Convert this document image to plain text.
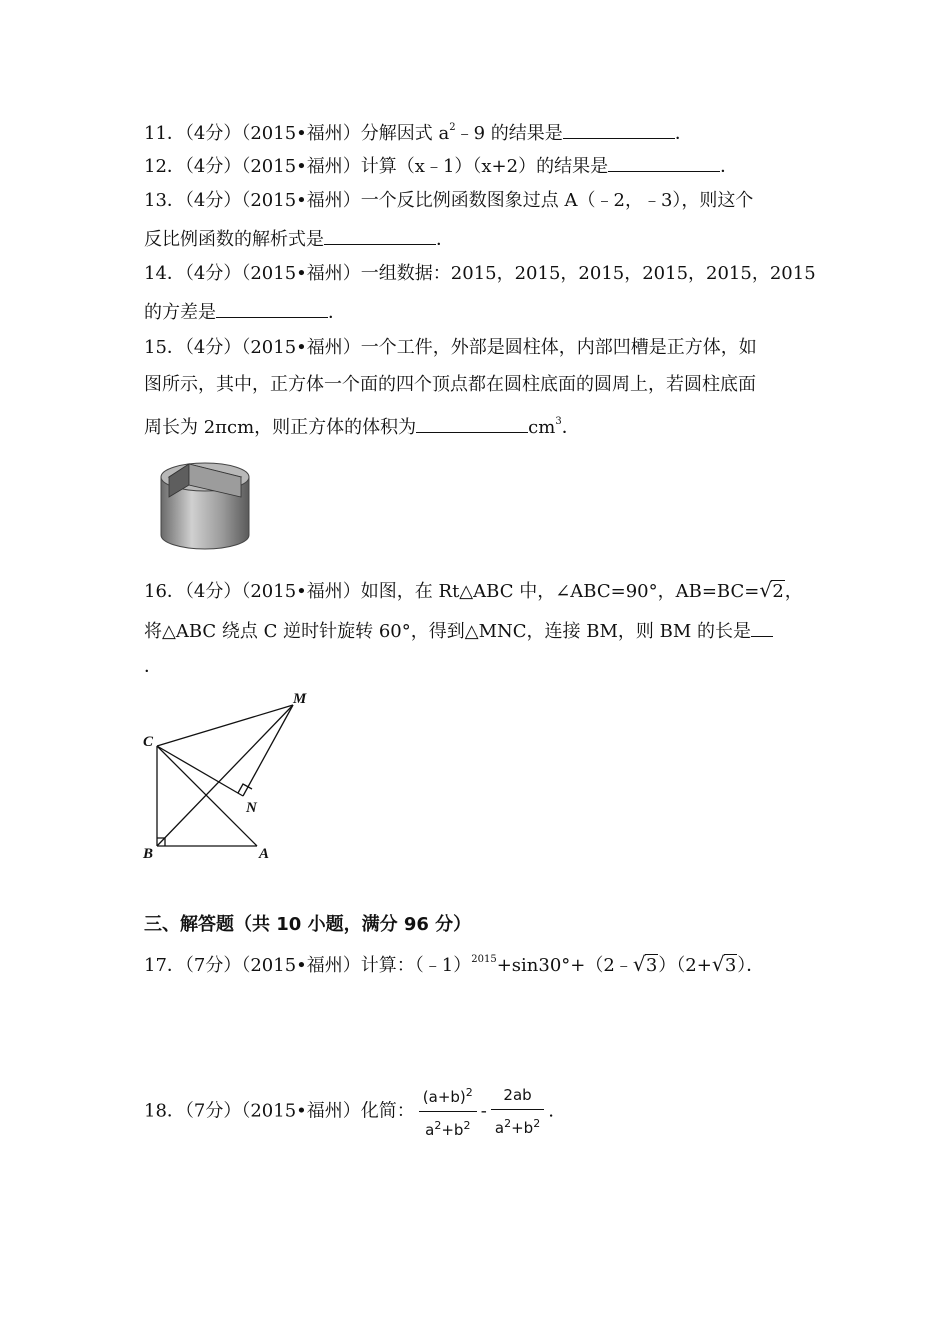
11．（4分）（2015•福州）分解因式 $a^2﹣9$ 的结果是	．
12．（4分）（2015•福州）计算（x﹣1）（x+2）的结果是	．
13．（4分）（2015•福州）一个反比例函数图象过点 A（﹣2，﹣3），则这个
反比例函数的解析式是	．
14．（4分）（2015•福州）一组数据：2015，2015，2015，2015，2015，2015
的方差是	．
15．（4分）（2015•福州）一个工件，外部是圆柱体，内部凹槽是正方体，如
图所示，其中，正方体一个面的四个顶点都在圆柱底面的圆周上，若圆柱底面
周长为 2πcm，则正方体的体积为	$cm^3$．
16．（4分）（2015•福州）如图，在 Rt△ABC 中，∠ABC=90°，AB=BC= √ 2，
将△ABC 绕点 C 逆时针旋转 60°，得到△MNC，连接 BM，则 BM 的长是
．
C
M
N
B	A
三、解答题（共 10 小题，满分 96 分）
17．（7分）（2015•福州）计算：（﹣1）$^{2015}$+sin30°+（2﹣ √ 3）（2+ √ 3）．
18．（7分）（2015•福州）化简： $\frac{(a+b)^2}{a^2+b^2} - \frac{2ab}{a^2+b^2}$ .
